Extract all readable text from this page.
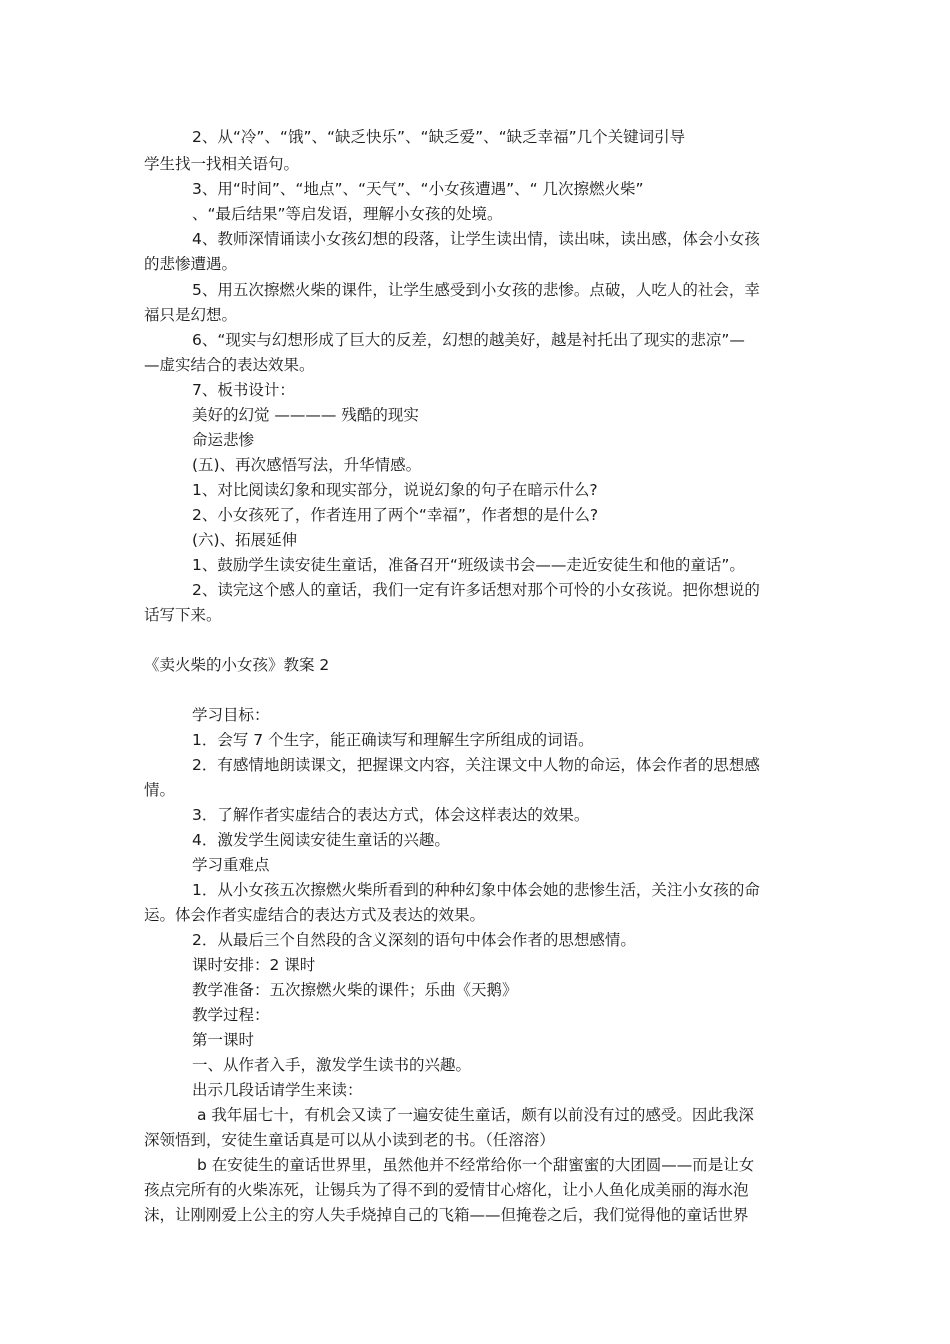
2、从“冷”、“饿”、“缺乏快乐”、“缺乏爱”、“缺乏幸福”几个关键词引导
学生找一找相关语句。
3、用“时间”、“地点”、“天气”、“小女孩遭遇”、“ 几次擦燃火柴”
、“最后结果”等启发语，理解小女孩的处境。
4、教师深情诵读小女孩幻想的段落，让学生读出情，读出味，读出感，体会小女孩
的悲惨遭遇。
5、用五次擦燃火柴的课件，让学生感受到小女孩的悲惨。点破，人吃人的社会，幸
福只是幻想。
6、“现实与幻想形成了巨大的反差，幻想的越美好，越是衬托出了现实的悲凉”—
—虚实结合的表达效果。
7、板书设计：
美好的幻觉 ———— 残酷的现实
命运悲惨
(五)、再次感悟写法，升华情感。
1、对比阅读幻象和现实部分，说说幻象的句子在暗示什么?
2、小女孩死了，作者连用了两个“幸福”，作者想的是什么?
(六)、拓展延伸
1、鼓励学生读安徒生童话，准备召开“班级读书会——走近安徒生和他的童话”。
2、读完这个感人的童话，我们一定有许多话想对那个可怜的小女孩说。把你想说的
话写下来。
《卖火柴的小女孩》教案 2
学习目标：
1．会写 7 个生字，能正确读写和理解生字所组成的词语。
2．有感情地朗读课文，把握课文内容，关注课文中人物的命运，体会作者的思想感
情。
3．了解作者实虚结合的表达方式，体会这样表达的效果。
4．激发学生阅读安徒生童话的兴趣。
学习重难点
1．从小女孩五次擦燃火柴所看到的种种幻象中体会她的悲惨生活，关注小女孩的命
运。体会作者实虚结合的表达方式及表达的效果。
2．从最后三个自然段的含义深刻的语句中体会作者的思想感情。
课时安排：2 课时
教学准备：五次擦燃火柴的课件；乐曲《天鹅》
教学过程：
第一课时
一、从作者入手，激发学生读书的兴趣。
出示几段话请学生来读：
a 我年届七十，有机会又读了一遍安徒生童话，颇有以前没有过的感受。因此我深
深领悟到，安徒生童话真是可以从小读到老的书。（任溶溶）
b 在安徒生的童话世界里，虽然他并不经常给你一个甜蜜蜜的大团圆——而是让女
孩点完所有的火柴冻死，让锡兵为了得不到的爱情甘心熔化，让小人鱼化成美丽的海水泡
沫，让刚刚爱上公主的穷人失手烧掉自己的飞箱——但掩卷之后，我们觉得他的童话世界
